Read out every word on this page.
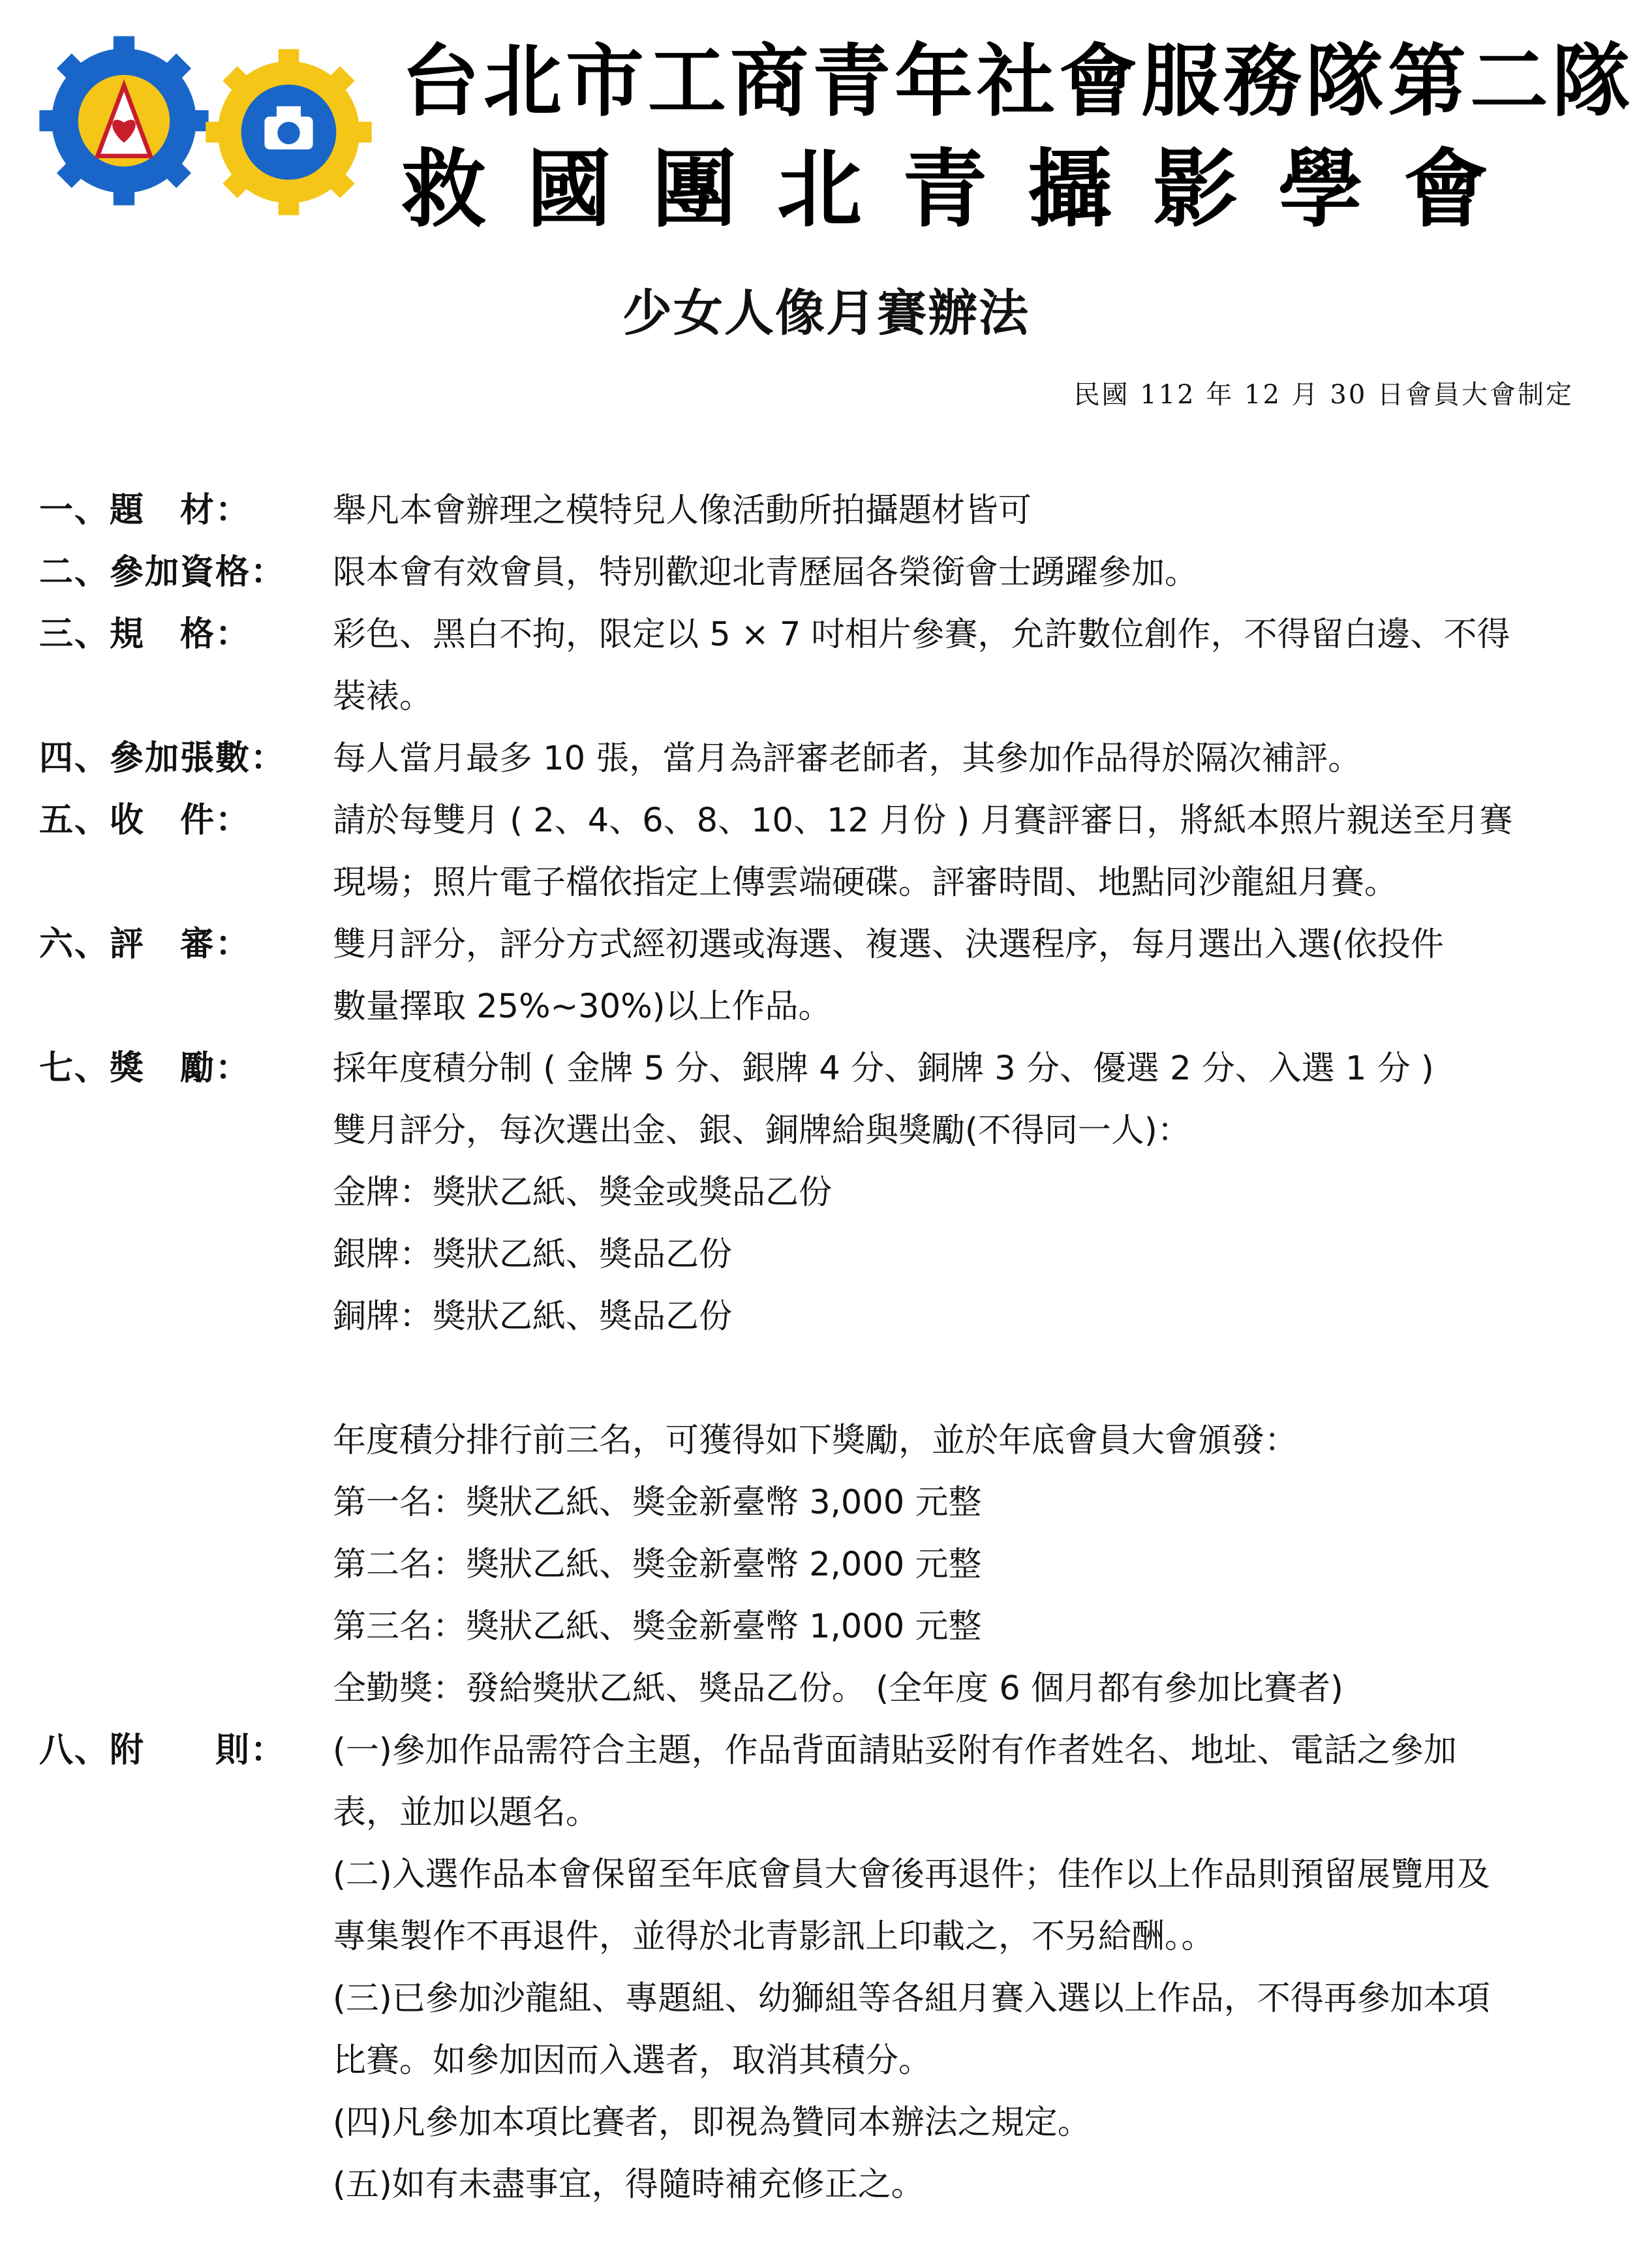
台北市工商青年社會服務隊第二隊
救國團北青攝影學會
少女人像月賽辦法
民國 112 年 12 月 30 日會員大會制定
一、題　材：	舉凡本會辦理之模特兒人像活動所拍攝題材皆可
二、參加資格：	限本會有效會員，特別歡迎北青歷屆各榮銜會士踴躍參加。
三、規　格：	彩色、黑白不拘，限定以 5 × 7 吋相片參賽，允許數位創作，不得留白邊、不得
裝裱。
四、參加張數：	每人當月最多 10 張，當月為評審老師者，其參加作品得於隔次補評。
五、收　件：	請於每雙月 ( 2、4、6、8、10、12 月份 ) 月賽評審日，將紙本照片親送至月賽
現場；照片電子檔依指定上傳雲端硬碟。評審時間、地點同沙龍組月賽。
六、評　審：	雙月評分，評分方式經初選或海選、複選、決選程序，每月選出入選(依投件
數量擇取 25%~30%)以上作品。
七、獎　勵：	採年度積分制 ( 金牌 5 分、銀牌 4 分、銅牌 3 分、優選 2 分、入選 1 分 )
雙月評分，每次選出金、銀、銅牌給與獎勵(不得同一人)：
金牌：獎狀乙紙、獎金或獎品乙份
銀牌：獎狀乙紙、獎品乙份
銅牌：獎狀乙紙、獎品乙份
年度積分排行前三名，可獲得如下獎勵，並於年底會員大會頒發：
第一名：獎狀乙紙、獎金新臺幣 3,000 元整
第二名：獎狀乙紙、獎金新臺幣 2,000 元整
第三名：獎狀乙紙、獎金新臺幣 1,000 元整
全勤獎：發給獎狀乙紙、獎品乙份。 (全年度 6 個月都有參加比賽者)
八、附　　則：	(一)參加作品需符合主題，作品背面請貼妥附有作者姓名、地址、電話之參加
表，並加以題名。
(二)入選作品本會保留至年底會員大會後再退件；佳作以上作品則預留展覽用及
專集製作不再退件，並得於北青影訊上印載之，不另給酬。。
(三)已參加沙龍組、專題組、幼獅組等各組月賽入選以上作品，不得再參加本項
比賽。如參加因而入選者，取消其積分。
(四)凡參加本項比賽者，即視為贊同本辦法之規定。
(五)如有未盡事宜，得隨時補充修正之。
